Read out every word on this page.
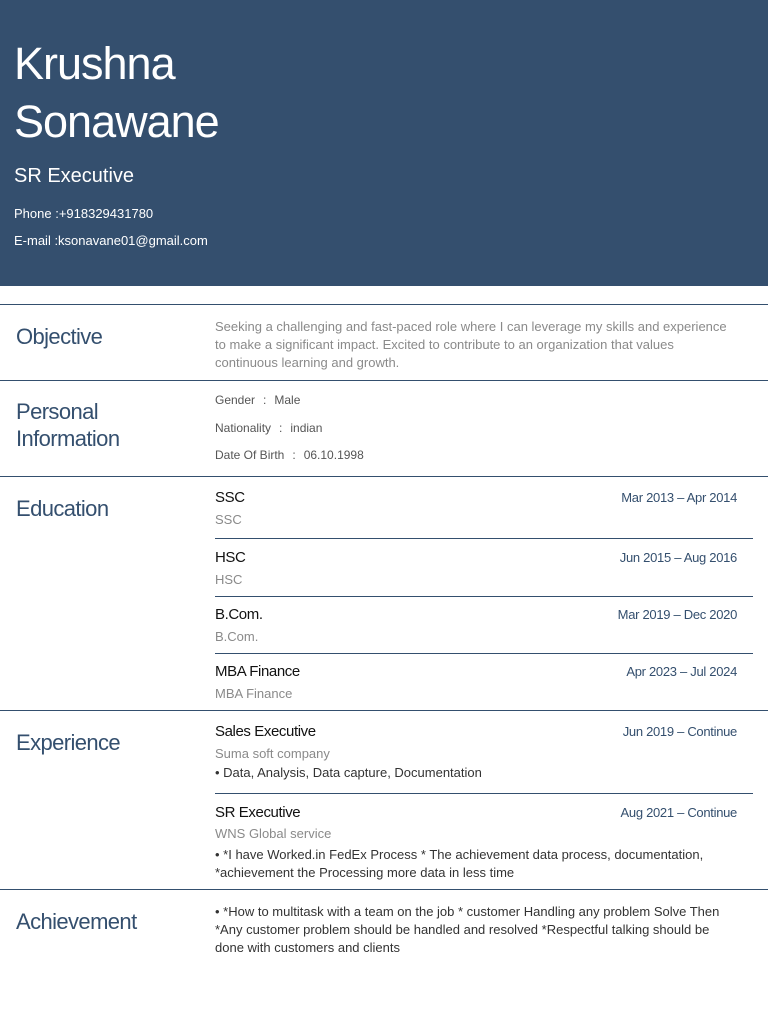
Krushna
Sonawane
SR Executive
Phone :+918329431780
E-mail :ksonavane01@gmail.com
Objective	Seeking a challenging and fast-paced role where I can leverage my skills and experience to make a significant impact. Excited to contribute to an organization that values continuous learning and growth.
Personal
Information
Gender : Male
Nationality : indian
Date Of Birth : 06.10.1998
Education	SSC	Mar 2013 – Apr 2014
SSC
HSC	Jun 2015 – Aug 2016
HSC
B.Com.	Mar 2019 – Dec 2020
B.Com.
MBA Finance	Apr 2023 – Jul 2024
MBA Finance
Experience	Sales Executive	Jun 2019 – Continue
Suma soft company
• Data, Analysis, Data capture, Documentation
SR Executive	Aug 2021 – Continue
WNS Global service
• *I have Worked.in FedEx Process * The achievement data process, documentation, *achievement the Processing more data in less time
Achievement	• *How to multitask with a team on the job * customer Handling any problem Solve Then *Any customer problem should be handled and resolved *Respectful talking should be done with customers and clients
